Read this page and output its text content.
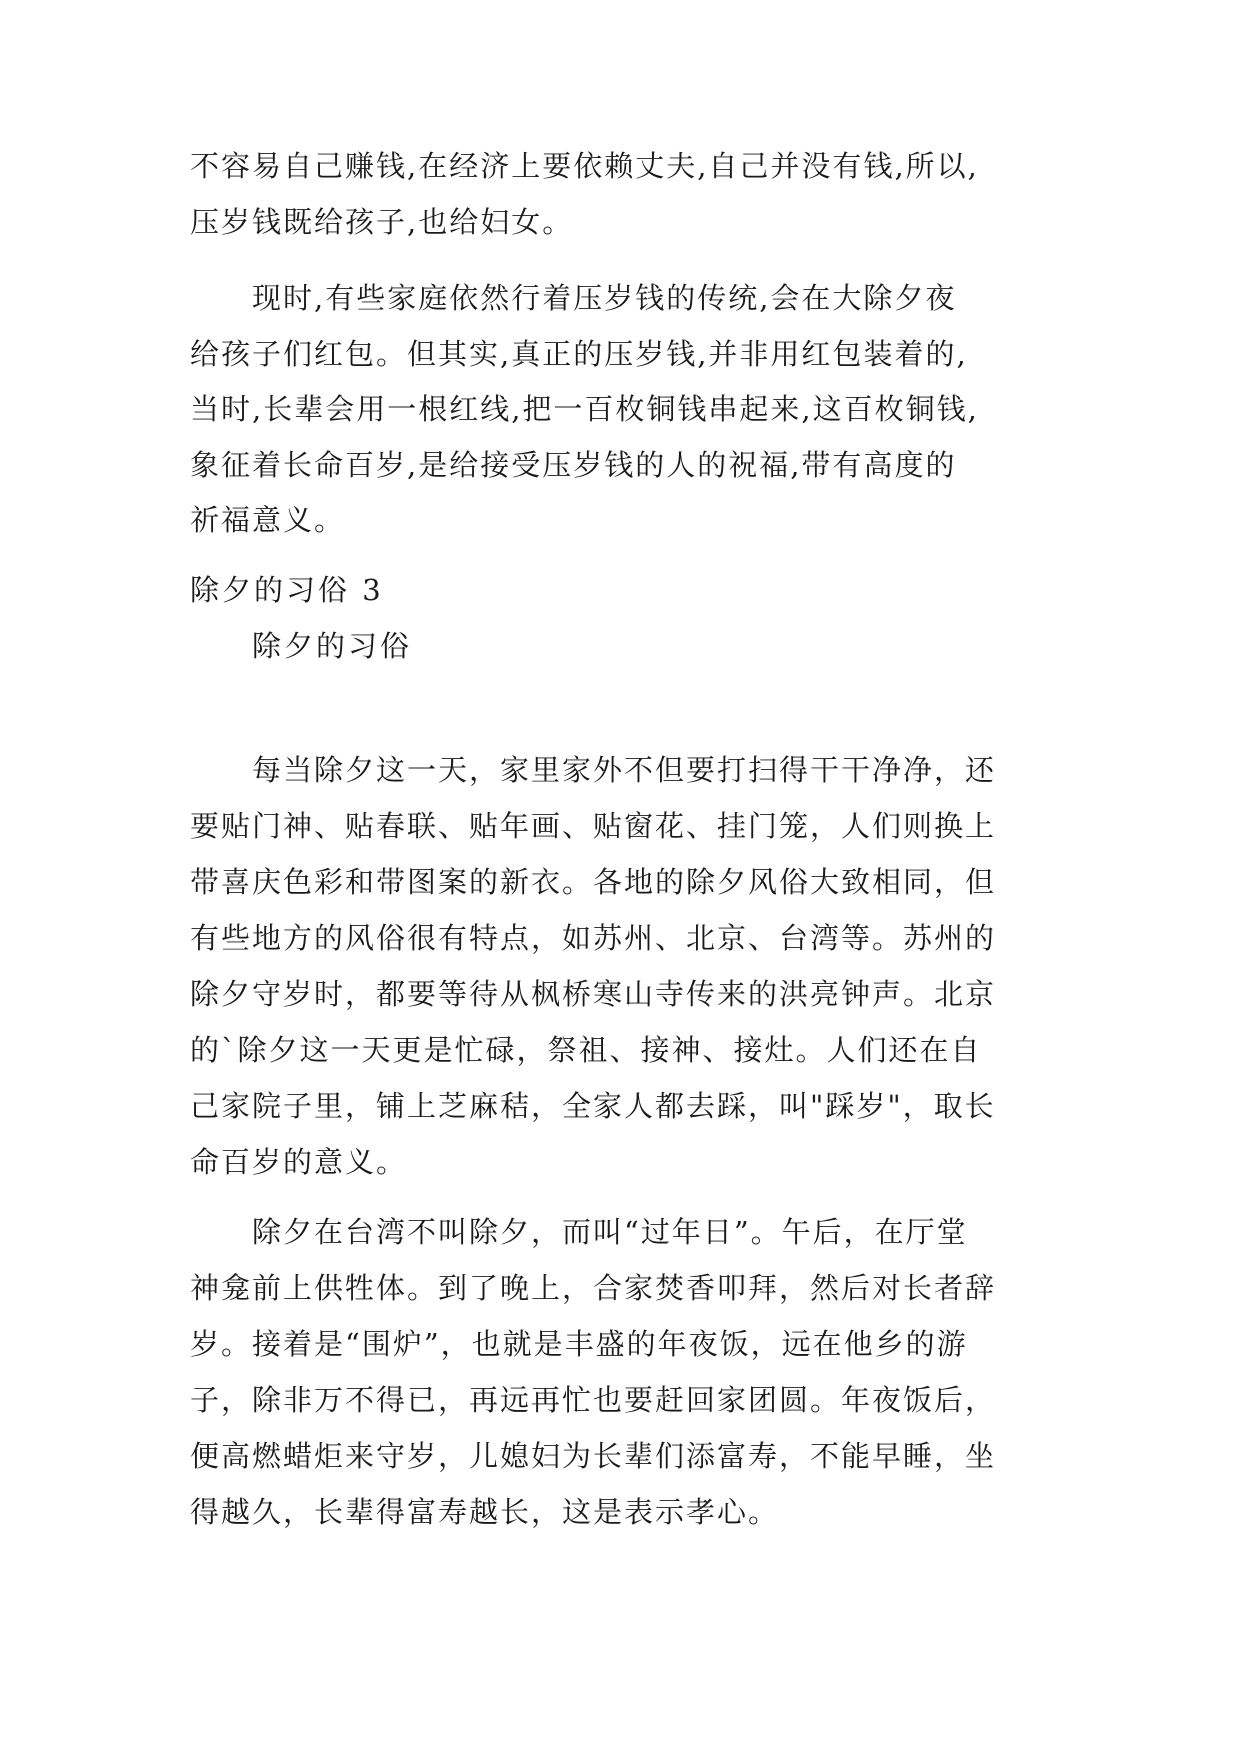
不容易自己赚钱,在经济上要依赖丈夫,自己并没有钱,所以,
压岁钱既给孩子,也给妇女。
现时,有些家庭依然行着压岁钱的传统,会在大除夕夜
给孩子们红包。但其实,真正的压岁钱,并非用红包装着的,
当时,长辈会用一根红线,把一百枚铜钱串起来,这百枚铜钱,
象征着长命百岁,是给接受压岁钱的人的祝福,带有高度的
祈福意义。
除夕的习俗 3
除夕的习俗
每当除夕这一天，家里家外不但要打扫得干干净净，还
要贴门神、贴春联、贴年画、贴窗花、挂门笼，人们则换上
带喜庆色彩和带图案的新衣。各地的除夕风俗大致相同，但
有些地方的风俗很有特点，如苏州、北京、台湾等。苏州的
除夕守岁时，都要等待从枫桥寒山寺传来的洪亮钟声。北京
的`除夕这一天更是忙碌，祭祖、接神、接灶。人们还在自
己家院子里，铺上芝麻秸，全家人都去踩，叫"踩岁"，取长
命百岁的意义。
除夕在台湾不叫除夕，而叫“过年日”。午后，在厅堂
神龛前上供牲体。到了晚上，合家焚香叩拜，然后对长者辞
岁。接着是“围炉”，也就是丰盛的年夜饭，远在他乡的游
子，除非万不得已，再远再忙也要赶回家团圆。年夜饭后，
便高燃蜡炬来守岁，儿媳妇为长辈们添富寿，不能早睡，坐
得越久，长辈得富寿越长，这是表示孝心。
